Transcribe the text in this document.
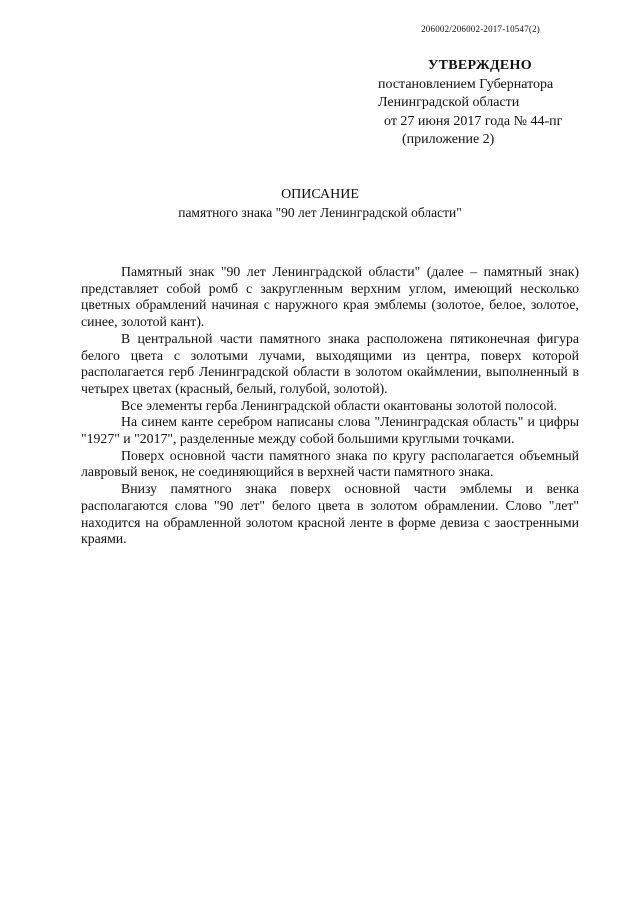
206002/206002-2017-10547(2)
УТВЕРЖДЕНО
постановлением Губернатора
Ленинградской области
от 27 июня 2017 года № 44-пг
(приложение 2)
ОПИСАНИЕ
памятного знака "90 лет Ленинградской области"

Памятный знак "90 лет Ленинградской области" (далее – памятный знак) представляет собой ромб с закругленным верхним углом, имеющий несколько цветных обрамлений начиная с наружного края эмблемы (золотое, белое, золотое, синее, золотой кант).

В центральной части памятного знака расположена пятиконечная фигура белого цвета с золотыми лучами, выходящими из центра, поверх которой располагается герб Ленинградской области в золотом окаймлении, выполненный в четырех цветах (красный, белый, голубой, золотой).

Все элементы герба Ленинградской области окантованы золотой полосой.

На синем канте серебром написаны слова "Ленинградская область" и цифры "1927" и "2017", разделенные между собой большими круглыми точками.

Поверх основной части памятного знака по кругу располагается объемный лавровый венок, не соединяющийся в верхней части памятного знака.

Внизу памятного знака поверх основной части эмблемы и венка располагаются слова "90 лет" белого цвета в золотом обрамлении. Слово "лет" находится на обрамленной золотом красной ленте в форме девиза с заостренными краями.
